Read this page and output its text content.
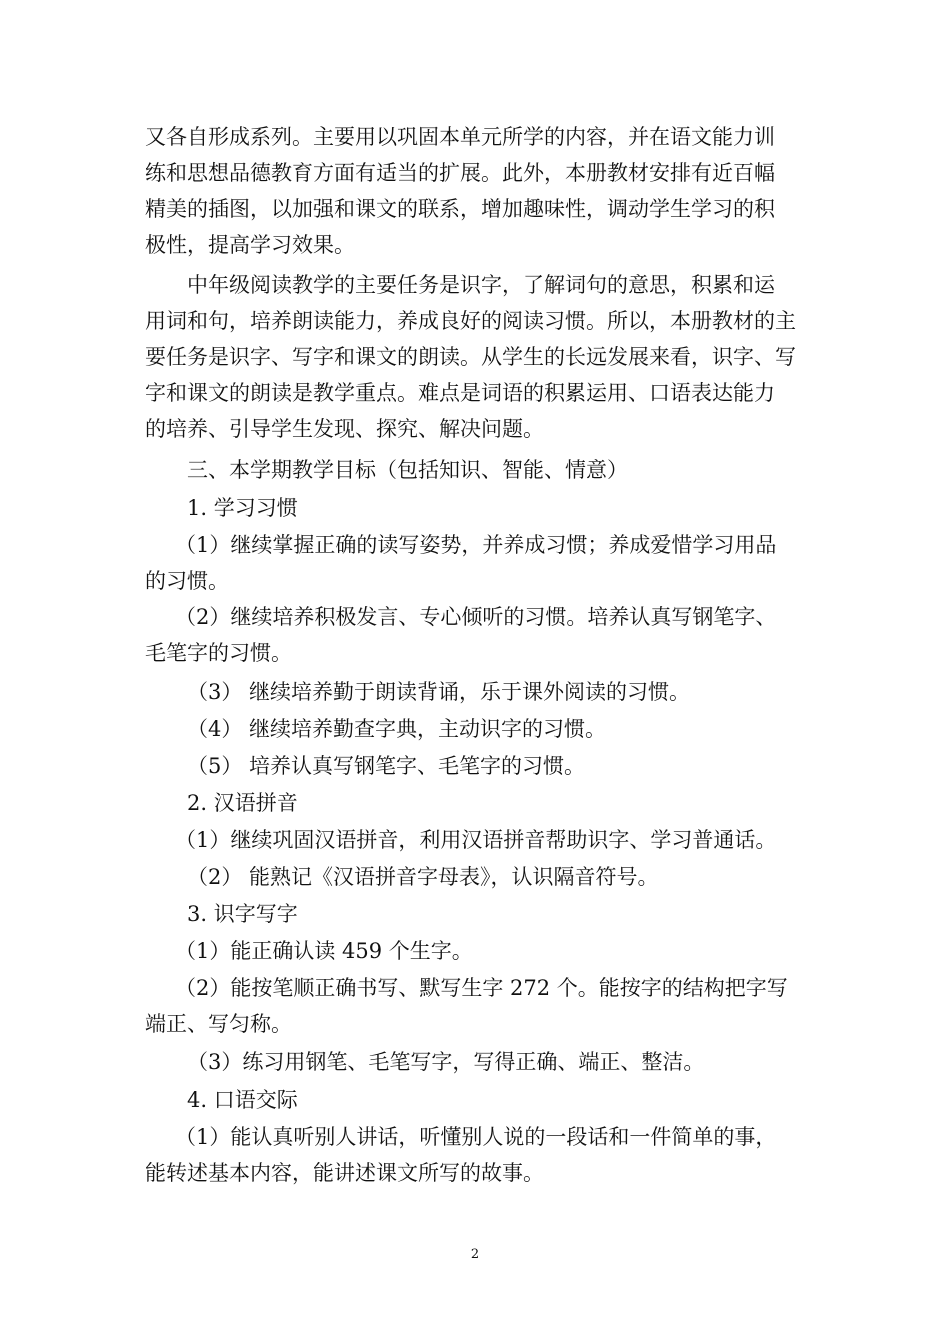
又各自形成系列。主要用以巩固本单元所学的内容，并在语文能力训
练和思想品德教育方面有适当的扩展。此外，本册教材安排有近百幅
精美的插图，以加强和课文的联系，增加趣味性，调动学生学习的积
极性，提高学习效果。
中年级阅读教学的主要任务是识字，了解词句的意思，积累和运
用词和句，培养朗读能力，养成良好的阅读习惯。所以，本册教材的主
要任务是识字、写字和课文的朗读。从学生的长远发展来看，识字、写
字和课文的朗读是教学重点。难点是词语的积累运用、口语表达能力
的培养、引导学生发现、探究、解决问题。
三、本学期教学目标（包括知识、智能、情意）
1. 学习习惯
（1）继续掌握正确的读写姿势，并养成习惯；养成爱惜学习用品
的习惯。
（2）继续培养积极发言、专心倾听的习惯。培养认真写钢笔字、
毛笔字的习惯。
（3） 继续培养勤于朗读背诵，乐于课外阅读的习惯。
（4） 继续培养勤查字典，主动识字的习惯。
（5） 培养认真写钢笔字、毛笔字的习惯。
2. 汉语拼音
（1）继续巩固汉语拼音，利用汉语拼音帮助识字、学习普通话。
（2） 能熟记《汉语拼音字母表》，认识隔音符号。
3. 识字写字
（1）能正确认读 459 个生字。
（2）能按笔顺正确书写、默写生字 272 个。能按字的结构把字写
端正、写匀称。
（3）练习用钢笔、毛笔写字，写得正确、端正、整洁。
4. 口语交际
（1）能认真听别人讲话，听懂别人说的一段话和一件简单的事，
能转述基本内容，能讲述课文所写的故事。
2
